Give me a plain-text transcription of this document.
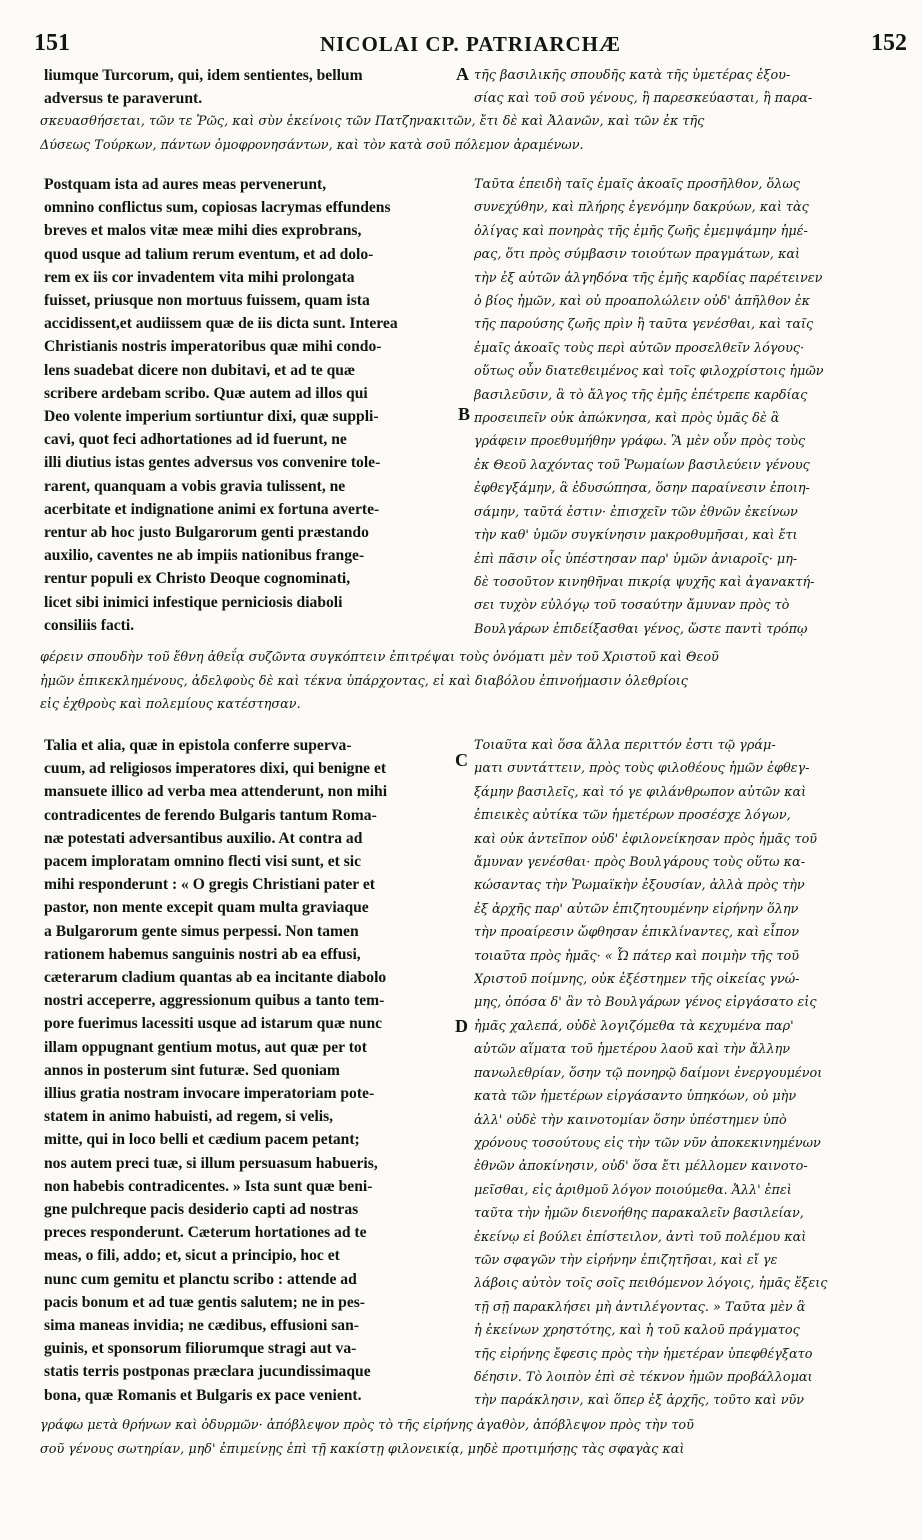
151	NICOLAI CP. PATRIARCHÆ	152

liumque Turcorum, qui, idem sentientes, bellum
adversus te paraverunt.

τῆς βασιλικῆς σπουδῆς κατὰ τῆς ὑμετέρας ἐξου-
σίας καὶ τοῦ σοῦ γένους, ἢ παρεσκεύασται, ἢ παρα-

σκευασθήσεται, τῶν τε Ῥῶς, καὶ σὺν ἐκείνοις τῶν Πατζηνακιτῶν, ἔτι δὲ καὶ Ἀλανῶν, καὶ τῶν ἐκ τῆς
Δύσεως Τούρκων, πάντων ὁμοφρονησάντων, καὶ τὸν κατὰ σοῦ πόλεμον ἀραμένων.

Postquam ista ad aures meas pervenerunt,
omnino conflictus sum, copiosas lacrymas effundens
breves et malos vitæ meæ mihi dies exprobrans,
quod usque ad talium rerum eventum, et ad dolo-
rem ex iis cor invadentem vita mihi prolongata
fuisset, priusque non mortuus fuissem, quam ista
accidissent,et audiissem quæ de iis dicta sunt. Interea
Christianis nostris imperatoribus quæ mihi condo-
lens suadebat dicere non dubitavi, et ad te quæ
scribere ardebam scribo. Quæ autem ad illos qui
Deo volente imperium sortiuntur dixi, quæ suppli-
cavi, quot feci adhortationes ad id fuerunt, ne
illi diutius istas gentes adversus vos convenire tole-
rarent, quanquam a vobis gravia tulissent, ne
acerbitate et indignatione animi ex fortuna averte-
rentur ab hoc justo Bulgarorum genti præstando
auxilio, caventes ne ab impiis nationibus frange-
rentur populi ex Christo Deoque cognominati,
licet sibi inimici infestique perniciosis diaboli
consiliis facti.

Ταῦτα ἐπειδὴ ταῖς ἐμαῖς ἀκοαῖς προσῆλθον, ὅλως
συνεχύθην, καὶ πλήρης ἐγενόμην δακρύων, καὶ τὰς
ὀλίγας καὶ πονηρὰς τῆς ἐμῆς ζωῆς ἐμεμψάμην ἡμέ-
ρας, ὅτι πρὸς σύμβασιν τοιούτων πραγμάτων, καὶ
τὴν ἐξ αὐτῶν ἀλγηδόνα τῆς ἐμῆς καρδίας παρέτεινεν
ὁ βίος ἡμῶν, καὶ οὐ προαπολώλειν οὐδ' ἀπῆλθον ἐκ
τῆς παρούσης ζωῆς πρὶν ἢ ταῦτα γενέσθαι, καὶ ταῖς
ἐμαῖς ἀκοαῖς τοὺς περὶ αὐτῶν προσελθεῖν λόγους·
οὕτως οὖν διατεθειμένος καὶ τοῖς φιλοχρίστοις ἡμῶν
βασιλεῦσιν, ἃ τὸ ἄλγος τῆς ἐμῆς ἐπέτρεπε καρδίας
προσειπεῖν οὐκ ἀπώκνησα, καὶ πρὸς ὑμᾶς δὲ ἃ
γράφειν προεθυμήθην γράφω. Ἃ μὲν οὖν πρὸς τοὺς
ἐκ Θεοῦ λαχόντας τοῦ Ῥωμαίων βασιλεύειν γένους
ἐφθεγξάμην, ἃ ἐδυσώπησα, ὅσην παραίνεσιν ἐποιη-
σάμην, ταῦτά ἐστιν· ἐπισχεῖν τῶν ἐθνῶν ἐκείνων
τὴν καθ' ὑμῶν συγκίνησιν μακροθυμῆσαι, καὶ ἔτι
ἐπὶ πᾶσιν οἷς ὑπέστησαν παρ' ὑμῶν ἀνιαροῖς· μη-
δὲ τοσοῦτον κινηθῆναι πικρίᾳ ψυχῆς καὶ ἀγανακτή-
σει τυχὸν εὐλόγῳ τοῦ τοσαύτην ἄμυναν πρὸς τὸ
Βουλγάρων ἐπιδείξασθαι γένος, ὥστε παντὶ τρόπῳ

φέρειν σπουδὴν τοῦ ἔθνη ἀθεΐᾳ συζῶντα συγκόπτειν ἐπιτρέψαι τοὺς ὀνόματι μὲν τοῦ Χριστοῦ καὶ Θεοῦ
ἡμῶν ἐπικεκλημένους, ἀδελφοὺς δὲ καὶ τέκνα ὑπάρχοντας, εἰ καὶ διαβόλου ἐπινοήμασιν ὀλεθρίοις
εἰς ἐχθροὺς καὶ πολεμίους κατέστησαν.

Talia et alia, quæ in epistola conferre superva-
cuum, ad religiosos imperatores dixi, qui benigne et
mansuete illico ad verba mea attenderunt, non mihi
contradicentes de ferendo Bulgaris tantum Roma-
næ potestati adversantibus auxilio. At contra ad
pacem imploratam omnino flecti visi sunt, et sic
mihi responderunt : « O gregis Christiani pater et
pastor, non mente excepit quam multa graviaque
a Bulgarorum gente simus perpessi. Non tamen
rationem habemus sanguinis nostri ab ea effusi,
cæterarum cladium quantas ab ea incitante diabolo
nostri acceperre, aggressionum quibus a tanto tem-
pore fuerimus lacessiti usque ad istarum quæ nunc
illam oppugnant gentium motus, aut quæ per tot
annos in posterum sint futuræ. Sed quoniam
illius gratia nostram invocare imperatoriam pote-
statem in animo habuisti, ad regem, si velis,
mitte, qui in loco belli et cædium pacem petant;
nos autem preci tuæ, si illum persuasum habueris,
non habebis contradicentes. » Ista sunt quæ beni-
gne pulchreque pacis desiderio capti ad nostras
preces responderunt. Cæterum hortationes ad te
meas, o fili, addo; et, sicut a principio, hoc et
nunc cum gemitu et planctu scribo : attende ad
pacis bonum et ad tuæ gentis salutem; ne in pes-
sima maneas invidia; ne cædibus, effusioni san-
guinis, et sponsorum filiorumque stragi aut va-
statis terris postponas præclara jucundissimaque
bona, quæ Romanis et Bulgaris ex pace venient.

Τοιαῦτα καὶ ὅσα ἄλλα περιττόν ἐστι τῷ γράμ-
ματι συντάττειν, πρὸς τοὺς φιλοθέους ἡμῶν ἐφθεγ-
ξάμην βασιλεῖς, καὶ τό γε φιλάνθρωπον αὐτῶν καὶ
ἐπιεικὲς αὐτίκα τῶν ἡμετέρων προσέσχε λόγων,
καὶ οὐκ ἀντεῖπον οὐδ' ἐφιλονείκησαν πρὸς ἡμᾶς τοῦ
ἄμυναν γενέσθαι· πρὸς Βουλγάρους τοὺς οὕτω κα-
κώσαντας τὴν Ῥωμαϊκὴν ἐξουσίαν, ἀλλὰ πρὸς τὴν
ἐξ ἀρχῆς παρ' αὐτῶν ἐπιζητουμένην εἰρήνην ὅλην
τὴν προαίρεσιν ὤφθησαν ἐπικλίναντες, καὶ εἶπον
τοιαῦτα πρὸς ἡμᾶς· « Ὦ πάτερ καὶ ποιμὴν τῆς τοῦ
Χριστοῦ ποίμνης, οὐκ ἐξέστημεν τῆς οἰκείας γνώ-
μης, ὁπόσα δ' ἂν τὸ Βουλγάρων γένος εἰργάσατο εἰς
ἡμᾶς χαλεπά, οὐδὲ λογιζόμεθα τὰ κεχυμένα παρ'
αὐτῶν αἵματα τοῦ ἡμετέρου λαοῦ καὶ τὴν ἄλλην
πανωλεθρίαν, ὅσην τῷ πονηρῷ δαίμονι ἐνεργουμένοι
κατὰ τῶν ἡμετέρων εἰργάσαντο ὑπηκόων, οὐ μὴν
ἀλλ' οὐδὲ τὴν καινοτομίαν ὅσην ὑπέστημεν ὑπὸ
χρόνους τοσούτους εἰς τὴν τῶν νῦν ἀποκεκινημένων
ἐθνῶν ἀποκίνησιν, οὐδ' ὅσα ἔτι μέλλομεν καινοτο-
μεῖσθαι, εἰς ἀριθμοῦ λόγον ποιούμεθα. Ἀλλ' ἐπεὶ
ταῦτα τὴν ἡμῶν διενοήθης παρακαλεῖν βασιλείαν,
ἐκείνῳ εἰ βούλει ἐπίστειλον, ἀντὶ τοῦ πολέμου καὶ
τῶν σφαγῶν τὴν εἰρήνην ἐπιζητῆσαι, καὶ εἴ γε
λάβοις αὐτὸν τοῖς σοῖς πειθόμενον λόγοις, ἡμᾶς ἕξεις
τῇ σῇ παρακλήσει μὴ ἀντιλέγοντας. » Ταῦτα μὲν ἃ
ἡ ἐκείνων χρηστότης, καὶ ἡ τοῦ καλοῦ πράγματος
τῆς εἰρήνης ἔφεσις πρὸς τὴν ἡμετέραν ὑπεφθέγξατο
δέησιν. Τὸ λοιπὸν ἐπὶ σὲ τέκνον ἡμῶν προβάλλομαι
τὴν παράκλησιν, καὶ ὅπερ ἐξ ἀρχῆς, τοῦτο καὶ νῦν

γράφω μετὰ θρήνων καὶ ὀδυρμῶν· ἀπόβλεψον πρὸς τὸ τῆς εἰρήνης ἀγαθὸν, ἀπόβλεψον πρὸς τὴν τοῦ
σοῦ γένους σωτηρίαν, μηδ' ἐπιμείνῃς ἐπὶ τῇ κακίστῃ φιλονεικίᾳ, μηδὲ προτιμήσῃς τὰς σφαγὰς καὶ
A
B
C
D
